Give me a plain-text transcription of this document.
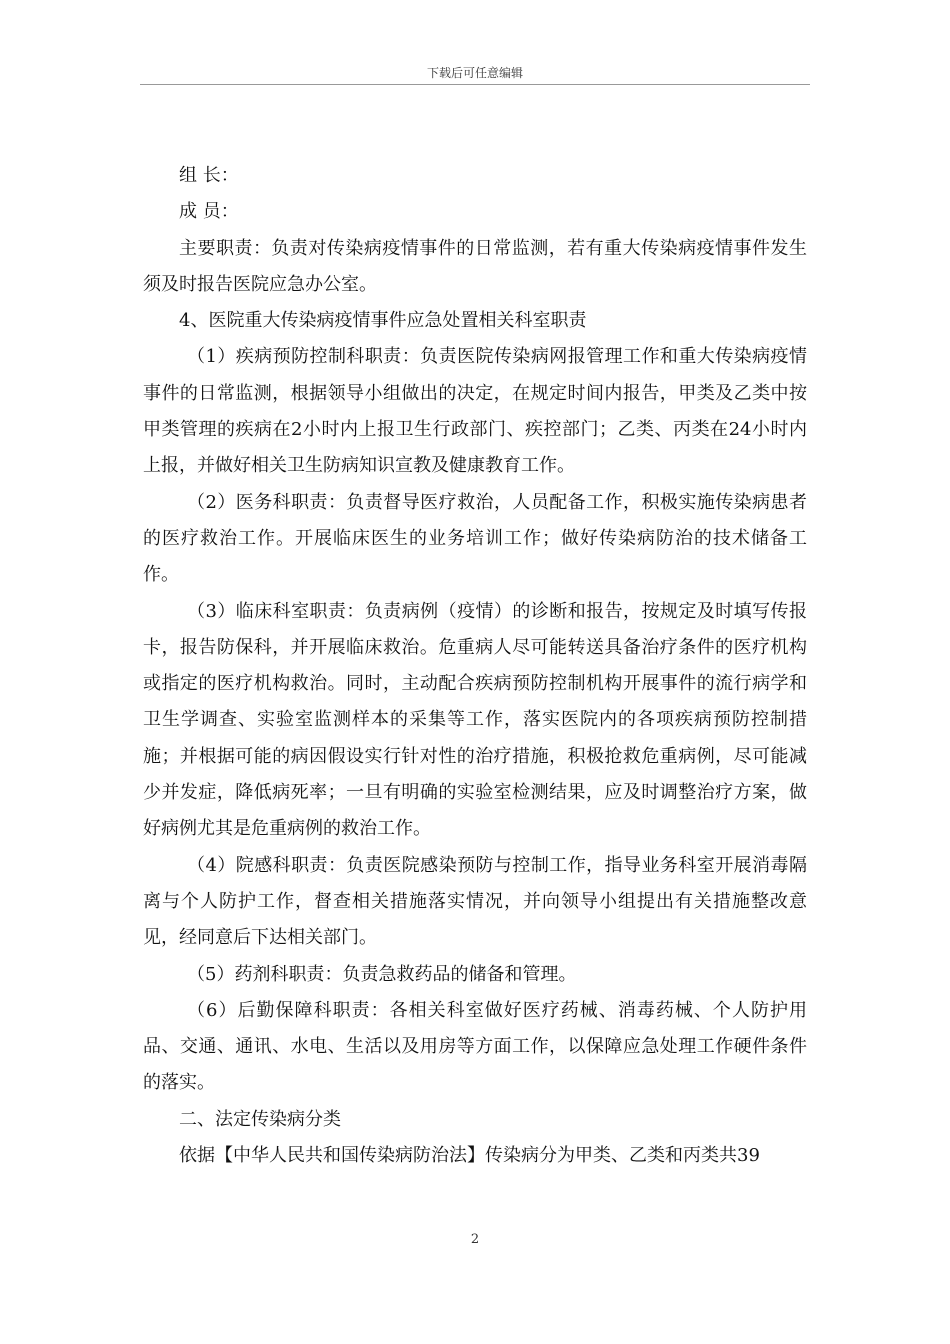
下载后可任意编辑

组 长：

成 员：

主要职责：负责对传染病疫情事件的日常监测，若有重大传染病疫情事件发生须及时报告医院应急办公室。

4、医院重大传染病疫情事件应急处置相关科室职责

（1）疾病预防控制科职责：负责医院传染病网报管理工作和重大传染病疫情事件的日常监测，根据领导小组做出的决定，在规定时间内报告，甲类及乙类中按甲类管理的疾病在2小时内上报卫生行政部门、疾控部门；乙类、丙类在24小时内上报，并做好相关卫生防病知识宣教及健康教育工作。

（2）医务科职责：负责督导医疗救治，人员配备工作，积极实施传染病患者的医疗救治工作。开展临床医生的业务培训工作；做好传染病防治的技术储备工作。

（3）临床科室职责：负责病例（疫情）的诊断和报告，按规定及时填写传报卡，报告防保科，并开展临床救治。危重病人尽可能转送具备治疗条件的医疗机构或指定的医疗机构救治。同时，主动配合疾病预防控制机构开展事件的流行病学和卫生学调查、实验室监测样本的采集等工作，落实医院内的各项疾病预防控制措施；并根据可能的病因假设实行针对性的治疗措施，积极抢救危重病例，尽可能减少并发症，降低病死率；一旦有明确的实验室检测结果，应及时调整治疗方案，做好病例尤其是危重病例的救治工作。

（4）院感科职责：负责医院感染预防与控制工作，指导业务科室开展消毒隔离与个人防护工作，督查相关措施落实情况，并向领导小组提出有关措施整改意见，经同意后下达相关部门。

（5）药剂科职责：负责急救药品的储备和管理。

（6）后勤保障科职责：各相关科室做好医疗药械、消毒药械、个人防护用品、交通、通讯、水电、生活以及用房等方面工作，以保障应急处理工作硬件条件的落实。

二、法定传染病分类

依据【中华人民共和国传染病防治法】传染病分为甲类、乙类和丙类共39

2
